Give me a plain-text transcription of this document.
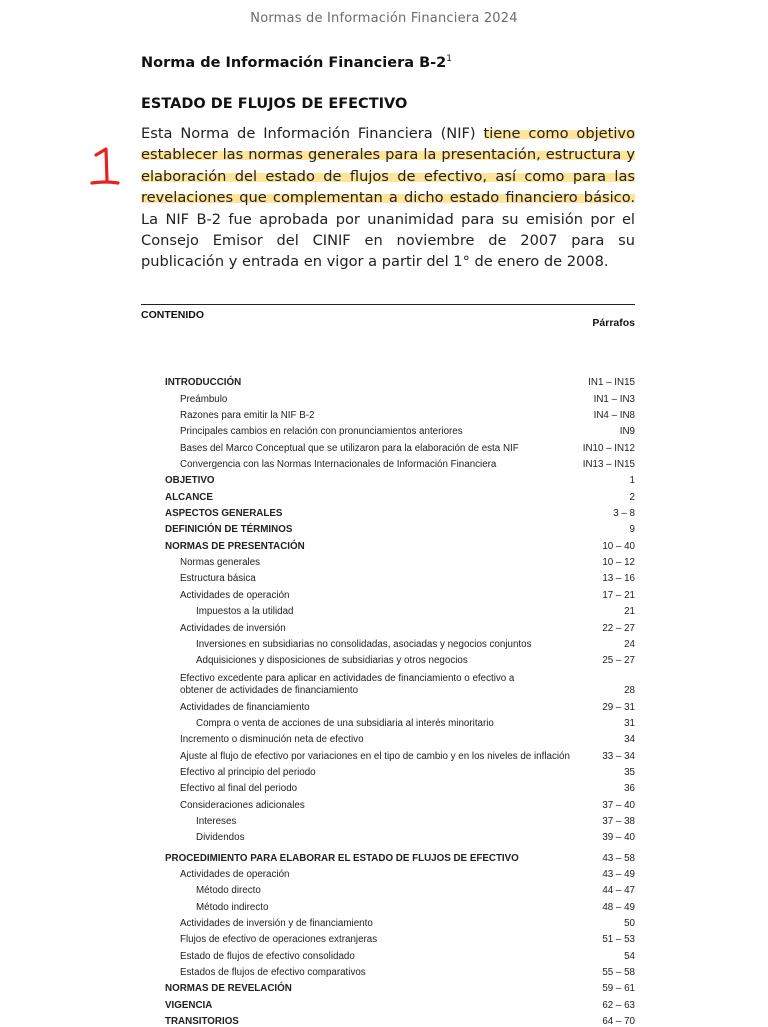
Normas de Información Financiera 2024
Norma de Información Financiera $B-2^1$
ESTADO DE FLUJOS DE EFECTIVO
Esta Norma de Información Financiera (NIF) tiene como objetivo establecer las normas generales para la presentación, estructura y elaboración del estado de flujos de efectivo, así como para las revelaciones que complementan a dicho estado financiero básico. La NIF B-2 fue aprobada por unanimidad para su emisión por el Consejo Emisor del CINIF en noviembre de 2007 para su publicación y entrada en vigor a partir del 1° de enero de 2008.
CONTENIDO
Párrafos
INTRODUCCIÓN	IN1 – IN15
Preámbulo	IN1 – IN3
Razones para emitir la NIF B-2	IN4 – IN8
Principales cambios en relación con pronunciamientos anteriores	IN9
Bases del Marco Conceptual que se utilizaron para la elaboración de esta NIF	IN10 – IN12
Convergencia con las Normas Internacionales de Información Financiera	IN13 – IN15
OBJETIVO	1
ALCANCE	2
ASPECTOS GENERALES	3 – 8
DEFINICIÓN DE TÉRMINOS	9
NORMAS DE PRESENTACIÓN	10 – 40
Normas generales	10 – 12
Estructura básica	13 – 16
Actividades de operación	17 – 21
Impuestos a la utilidad	21
Actividades de inversión	22 – 27
Inversiones en subsidiarias no consolidadas, asociadas y negocios conjuntos	24
Adquisiciones y disposiciones de subsidiarias y otros negocios	25 – 27
Efectivo excedente para aplicar en actividades de financiamiento o efectivo a obtener de actividades de financiamiento	28
Actividades de financiamiento	29 – 31
Compra o venta de acciones de una subsidiaria al interés minoritario	31
Incremento o disminución neta de efectivo	34
Ajuste al flujo de efectivo por variaciones en el tipo de cambio y en los niveles de inflación	33 – 34
Efectivo al principio del periodo	35
Efectivo al final del periodo	36
Consideraciones adicionales	37 – 40
Intereses	37 – 38
Dividendos	39 – 40
PROCEDIMIENTO PARA ELABORAR EL ESTADO DE FLUJOS DE EFECTIVO	43 – 58
Actividades de operación	43 – 49
Método directo	44 – 47
Método indirecto	48 – 49
Actividades de inversión y de financiamiento	50
Flujos de efectivo de operaciones extranjeras	51 – 53
Estado de flujos de efectivo consolidado	54
Estados de flujos de efectivo comparativos	55 – 58
NORMAS DE REVELACIÓN	59 – 61
VIGENCIA	62 – 63
TRANSITORIOS	64 – 70
